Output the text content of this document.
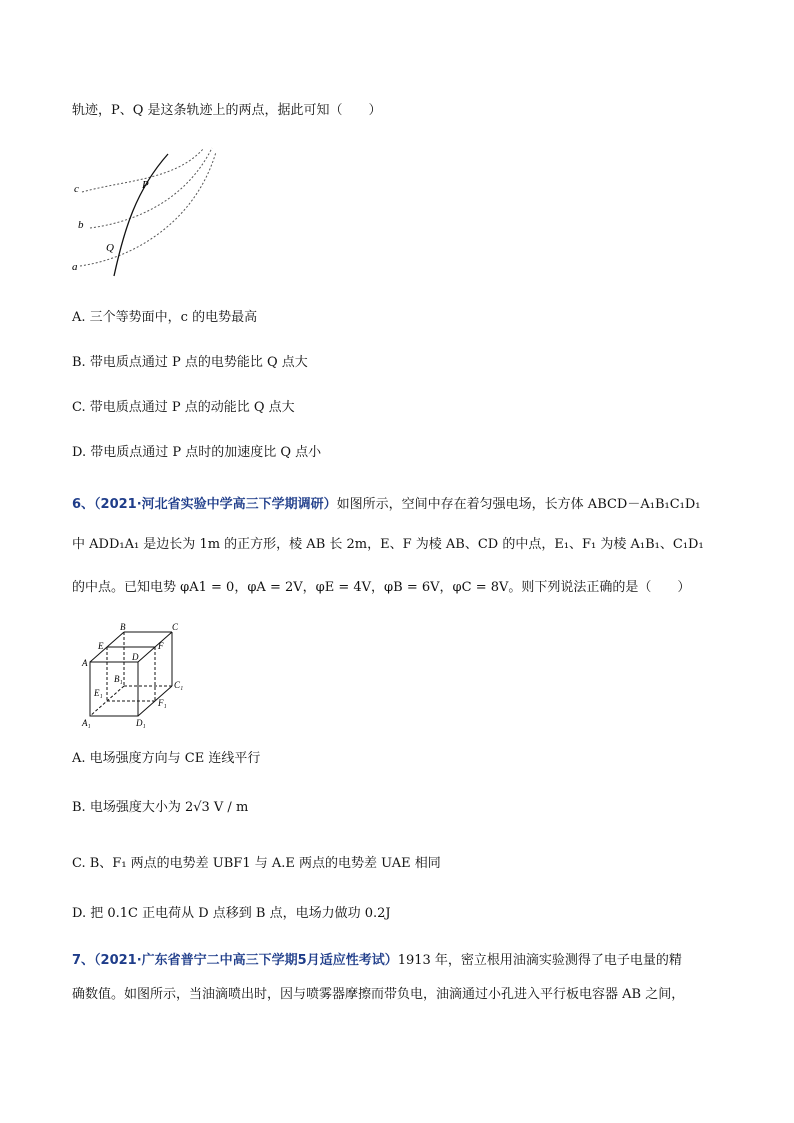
轨迹，P、Q 是这条轨迹上的两点，据此可知（　　）
c
b
a
P
Q
A. 三个等势面中，c 的电势最高
B. 带电质点通过 P 点的电势能比 Q 点大
C. 带电质点通过 P 点的动能比 Q 点大
D. 带电质点通过 P 点时的加速度比 Q 点小
6、（2021·河北省实验中学高三下学期调研）如图所示，空间中存在着匀强电场，长方体 ABCD－A₁B₁C₁D₁
中 ADD₁A₁ 是边长为 1m 的正方形，棱 AB 长 2m，E、F 为棱 AB、CD 的中点，E₁、F₁ 为棱 A₁B₁、C₁D₁
的中点。已知电势 φA1 = 0，φA = 2V，φE = 4V，φB = 6V，φC = 8V。则下列说法正确的是（　　）
B	C
E	F
A
D
B₁
C₁
E₁
F₁
A₁	D₁
A. 电场强度方向与 CE 连线平行
B. 电场强度大小为 2√3 V / m
C. B、F₁ 两点的电势差 UBF1 与 A.E 两点的电势差 UAE 相同
D. 把 0.1C 正电荷从 D 点移到 B 点，电场力做功 0.2J
7、（2021·广东省普宁二中高三下学期5月适应性考试）1913 年，密立根用油滴实验测得了电子电量的精
确数值。如图所示，当油滴喷出时，因与喷雾器摩擦而带负电，油滴通过小孔进入平行板电容器 AB 之间，
